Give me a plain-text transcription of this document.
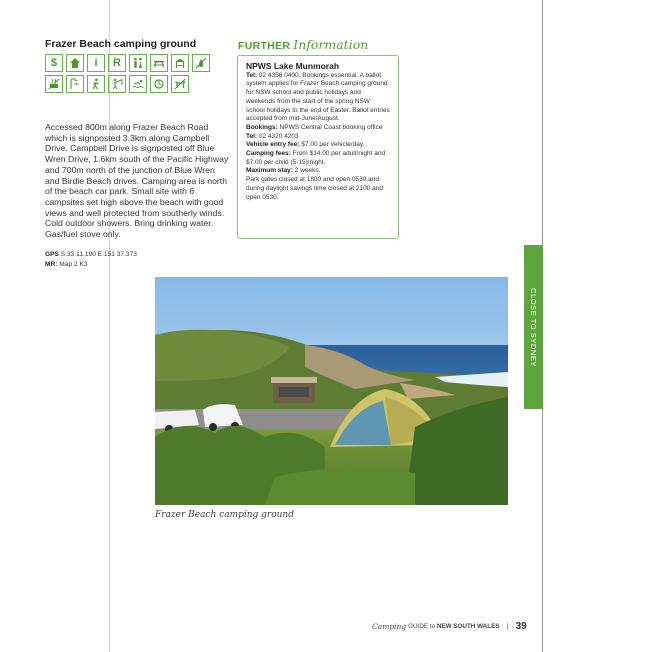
Frazer Beach camping ground
$	i	R
Accessed 800m along Frazer Beach Road which is signposted 3.3km along Campbell Drive. Campbell Drive is signposted off Blue Wren Drive, 1.6km south of the Pacific Highway and 700m north of the junction of Blue Wren and Birdie Beach drives. Camping area is north of the beach car park. Small site with 6 campsites set high above the beach with good views and well protected from southerly winds. Cold outdoor showers. Bring drinking water. Gas/fuel stove only.
GPS S:33 11.190 E:151 37.373
MR: Map 2 K3
FURTHER Information
NPWS Lake Munmorah
Tel: 02 4358 0400. Bookings essential. A ballot system applies for Frazer Beach camping ground for NSW school and public holidays and weekends from the start of the spring NSW school holidays to the end of Easter. Ballot entries accepted from mid-June/August.
Bookings: NPWS Central Coast booking office
Tel: 02 4320 4203
Vehicle entry fee: $7.00 per vehicle/day.
Camping fees: From $14.00 per adult/night and $7.00 per child (5-15)/night.
Maximum stay: 2 weeks.
Park gates closed at 1800 and open 0530 and during daylight savings time closed at 2100 and open 0530.
CLOSE TO SYDNEY
Frazer Beach camping ground
Camping GUIDE to
NEW SOUTH WALES | 39
